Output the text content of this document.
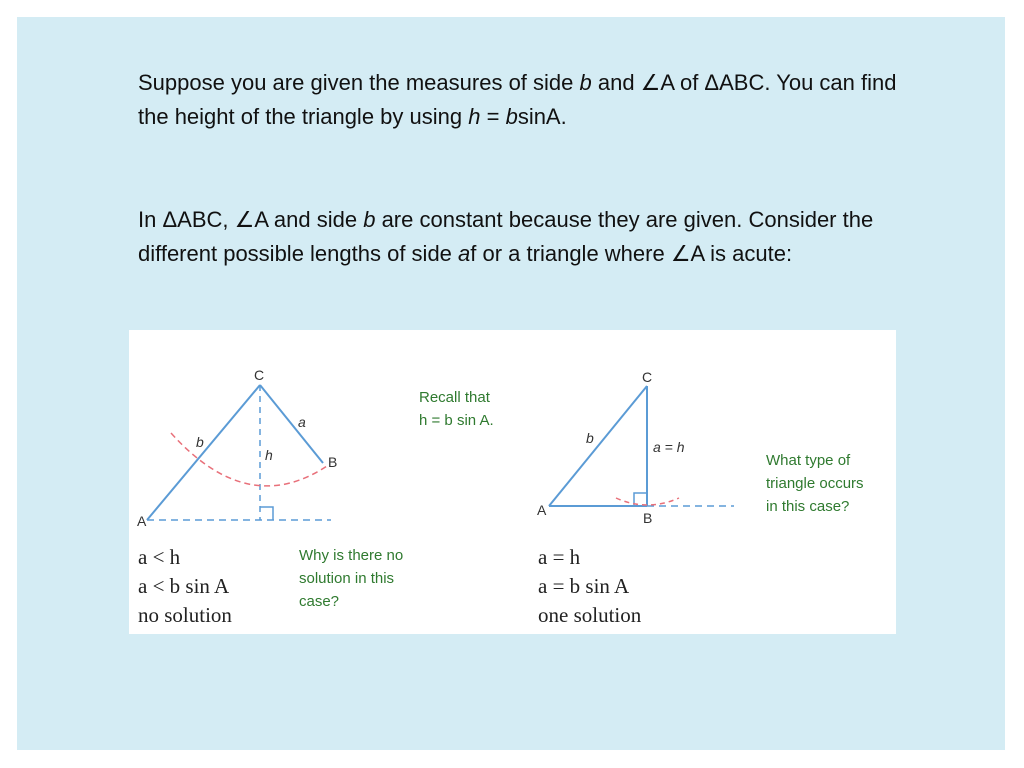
Suppose you are given the measures of side b and ∠A of ΔABC. You can find the height of the triangle by using h = bsinA.

In ΔABC, ∠A and side b are constant because they are given. Consider the different possible lengths of side af or a triangle where ∠A is acute:

A
C
B
b
a
h
a < h
a < b sin A
no solution
Why is there no
solution in this
case?
Recall that
h = b sin A.
A
C
B
b
a = h
a = h
a = b sin A
one solution
What type of
triangle occurs
in this case?
